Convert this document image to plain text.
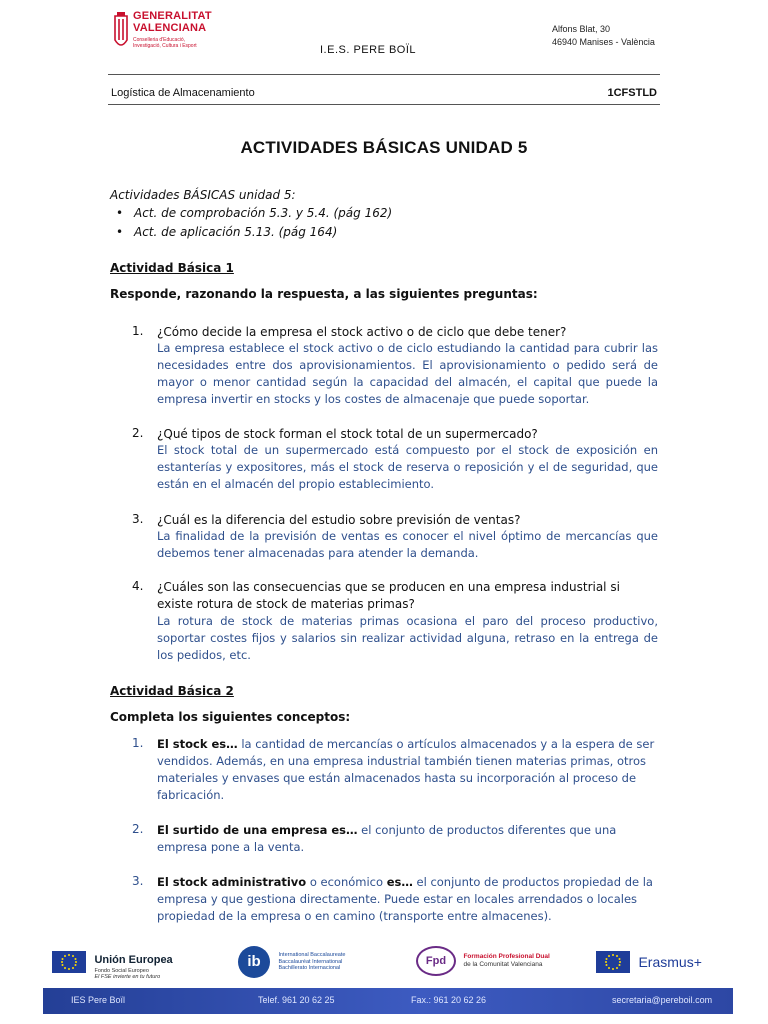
GENERALITAT
VALENCIANA
Conselleria d'Educació,
Investigació, Cultura i Esport	I.E.S. PERE BOÏL
Alfons Blat, 30
46940 Manises - València
Logística de Almacenamiento	1CFSTLD
ACTIVIDADES BÁSICAS UNIDAD 5

Actividades BÁSICAS unidad 5:

• Act. de comprobación 5.3. y 5.4. (pág 162)
• Act. de aplicación 5.13. (pág 164)

Actividad Básica 1

Responde, razonando la respuesta, a las siguientes preguntas:

1. ¿Cómo decide la empresa el stock activo o de ciclo que debe tener?
La empresa establece el stock activo o de ciclo estudiando la cantidad para cubrir las necesidades entre dos aprovisionamientos. El aprovisionamiento o pedido será de mayor o menor cantidad según la capacidad del almacén, el capital que puede la empresa invertir en stocks y los costes de almacenaje que puede soportar.
2. ¿Qué tipos de stock forman el stock total de un supermercado?
El stock total de un supermercado está compuesto por el stock de exposición en estanterías y expositores, más el stock de reserva o reposición y el de seguridad, que están en el almacén del propio establecimiento.
3. ¿Cuál es la diferencia del estudio sobre previsión de ventas?
La finalidad de la previsión de ventas es conocer el nivel óptimo de mercancías que debemos tener almacenadas para atender la demanda.
4. ¿Cuáles son las consecuencias que se producen en una empresa industrial si existe rotura de stock de materias primas?
La rotura de stock de materias primas ocasiona el paro del proceso productivo, soportar costes fijos y salarios sin realizar actividad alguna, retraso en la entrega de los pedidos, etc.

Actividad Básica 2

Completa los siguientes conceptos:

1. El stock es… la cantidad de mercancías o artículos almacenados y a la espera de ser vendidos. Además, en una empresa industrial también tienen materias primas, otros materiales y envases que están almacenados hasta su incorporación al proceso de fabricación.
2. El surtido de una empresa es… el conjunto de productos diferentes que una empresa pone a la venta.
3. El stock administrativo o económico es… el conjunto de productos propiedad de la empresa y que gestiona directamente. Puede estar en locales arrendados o locales propiedad de la empresa o en camino (transporte entre almacenes).
Unión Europea
Fondo Social Europeo
El FSE invierte en tu futuro
ib	International Baccalaureate
Baccalauréat International
Bachillerato Internacional
Fpd	Formación Profesional Dual
de la Comunitat Valenciana	Erasmus+
IES Pere Boïl	Telef. 961 20 62 25	Fax.: 961 20 62 26	secretaria@pereboil.com
